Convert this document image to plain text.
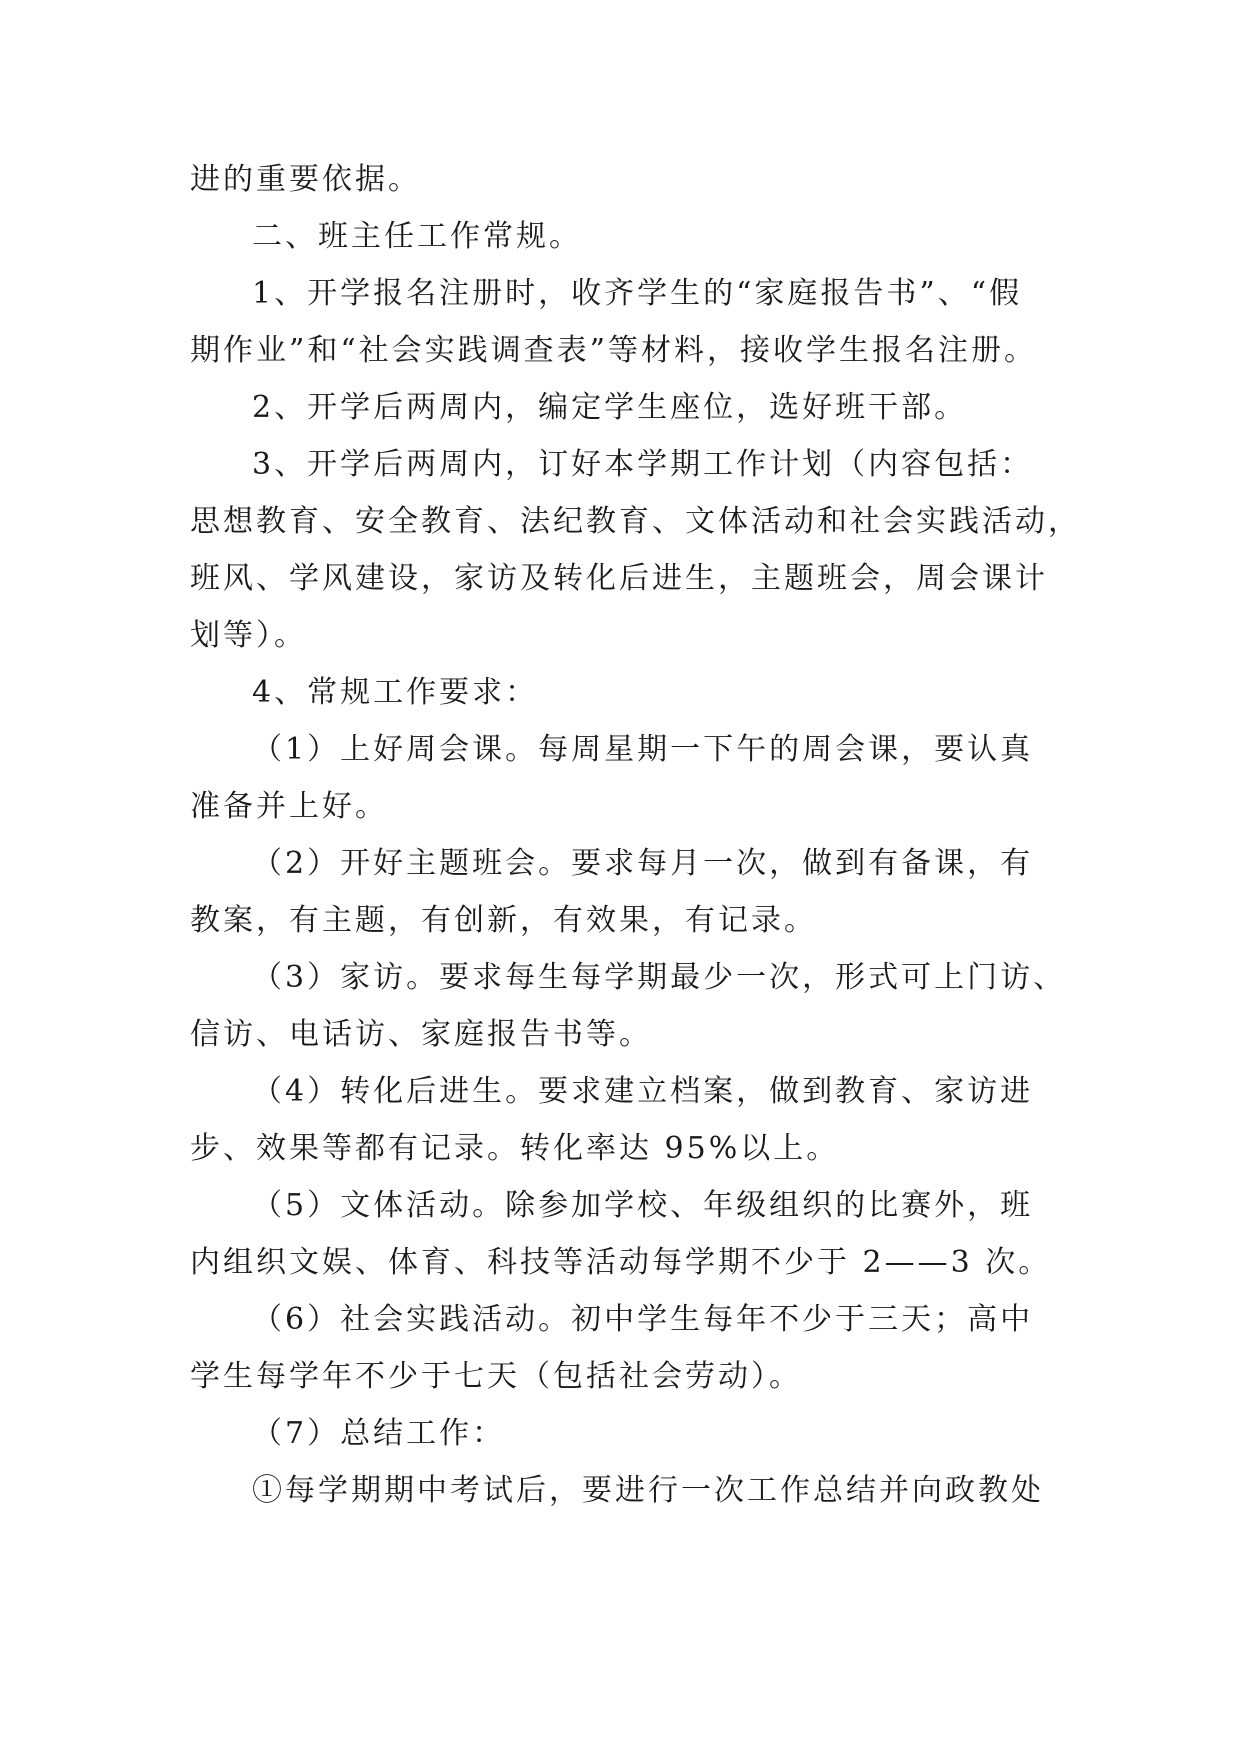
进的重要依据。

二、班主任工作常规。

1、开学报名注册时，收齐学生的“家庭报告书”、“假

期作业”和“社会实践调查表”等材料，接收学生报名注册。

2、开学后两周内，编定学生座位，选好班干部。

3、开学后两周内，订好本学期工作计划（内容包括：

思想教育、安全教育、法纪教育、文体活动和社会实践活动，

班风、学风建设，家访及转化后进生，主题班会，周会课计

划等）。

4、常规工作要求：

（1）上好周会课。每周星期一下午的周会课，要认真

准备并上好。

（2）开好主题班会。要求每月一次，做到有备课，有

教案，有主题，有创新，有效果，有记录。

（3）家访。要求每生每学期最少一次，形式可上门访、

信访、电话访、家庭报告书等。

（4）转化后进生。要求建立档案，做到教育、家访进

步、效果等都有记录。转化率达 95%以上。

（5）文体活动。除参加学校、年级组织的比赛外，班

内组织文娱、体育、科技等活动每学期不少于 2——3 次。

（6）社会实践活动。初中学生每年不少于三天；高中

学生每学年不少于七天（包括社会劳动）。

（7）总结工作：

①每学期期中考试后，要进行一次工作总结并向政教处
